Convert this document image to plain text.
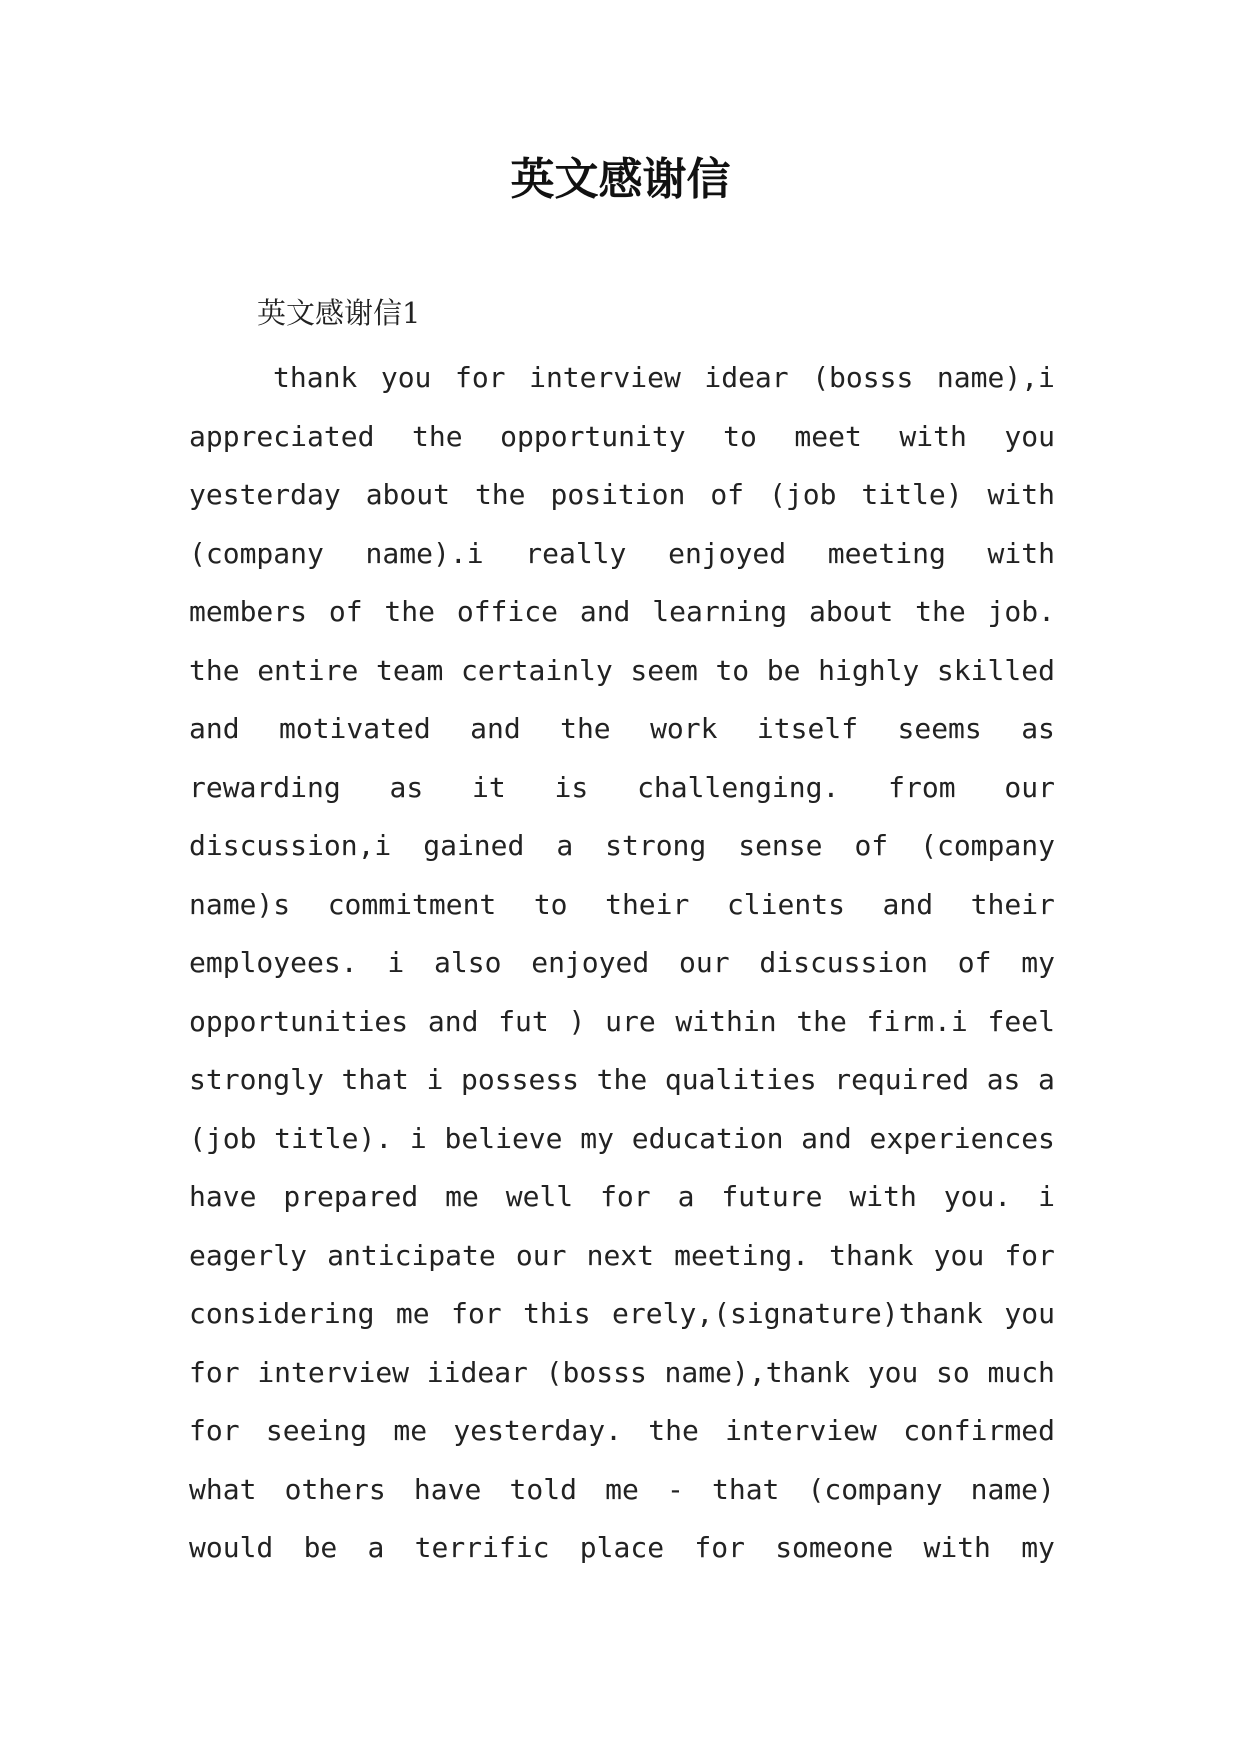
英文感谢信

英文感谢信1

thank you for interview idear (bosss name),i
appreciated the opportunity to meet with you
yesterday about the position of (job title) with
(company name).i really enjoyed meeting with
members of the office and learning about the job.
the entire team certainly seem to be highly skilled
and motivated and the work itself seems as
rewarding as it is challenging. from our
discussion,i gained a strong sense of (company
name)s commitment to their clients and their
employees. i also enjoyed our discussion of my
opportunities and fut ) ure within the firm.i feel
strongly that i possess the qualities required as a
(job title). i believe my education and experiences
have prepared me well for a future with you. i
eagerly anticipate our next meeting. thank you for
considering me for this erely,(signature)thank you
for interview iidear (bosss name),thank you so much
for seeing me yesterday. the interview confirmed
what others have told me - that (company name)
would be a terrific place for someone with my
